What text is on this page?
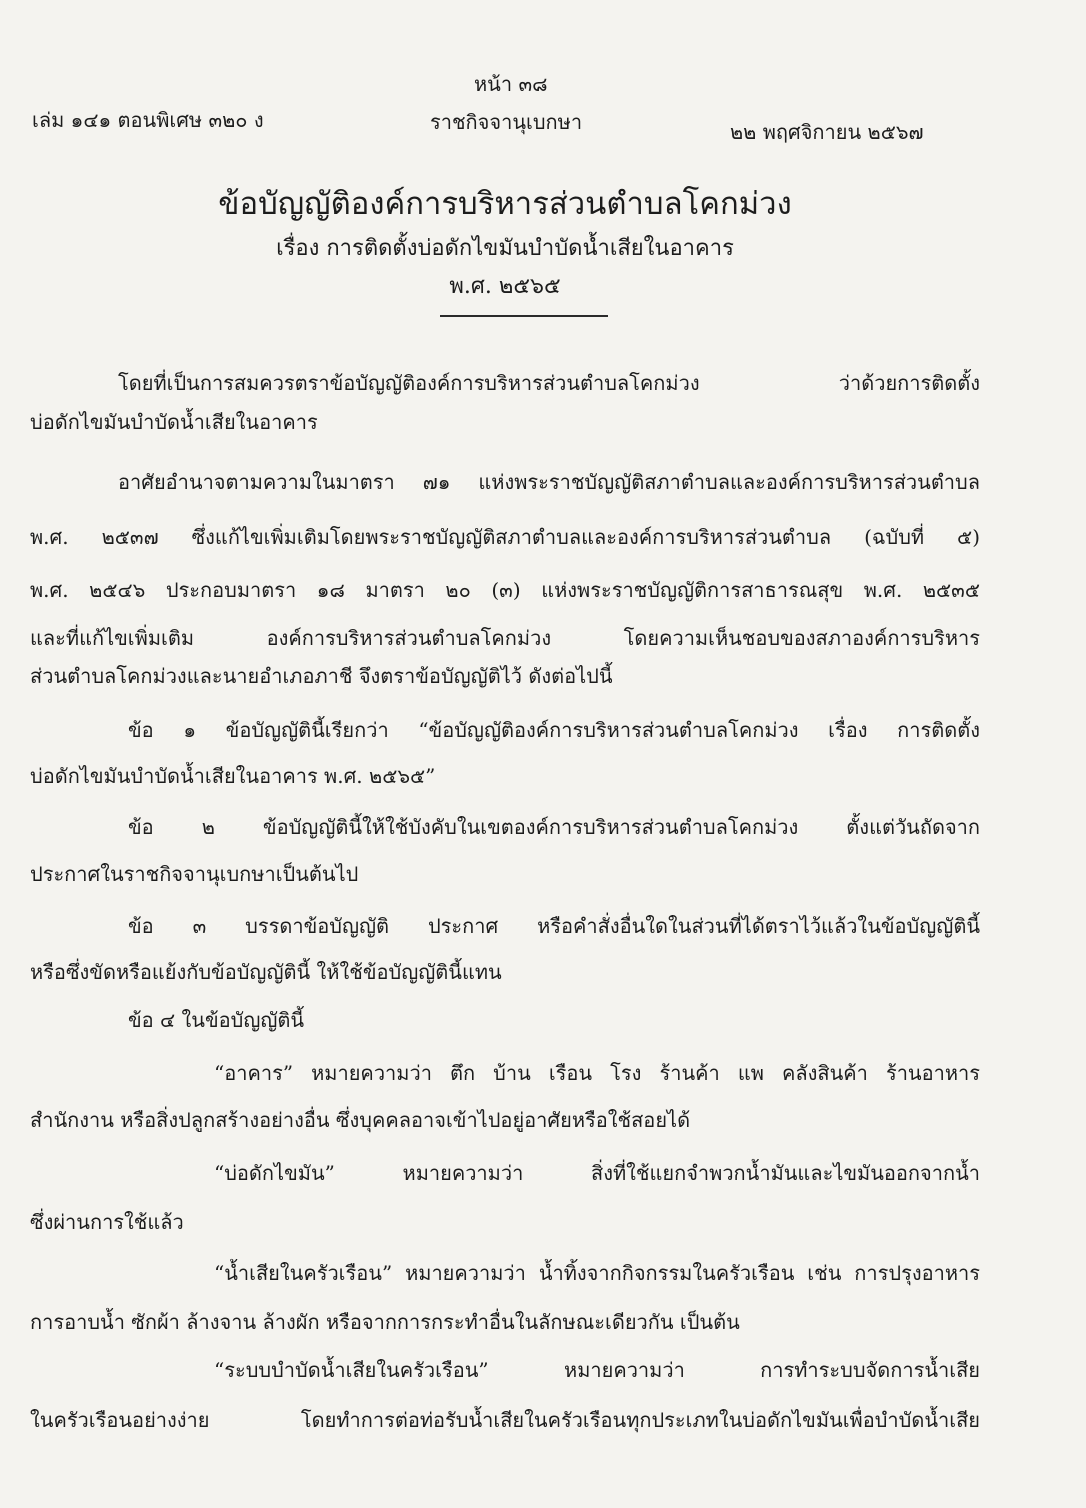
หน้า ๓๘
เล่ม ๑๔๑ ตอนพิเศษ ๓๒๐ ง	ราชกิจจานุเบกษา	๒๒ พฤศจิกายน ๒๕๖๗
ข้อบัญญัติองค์การบริหารส่วนตำบลโคกม่วง
เรื่อง การติดตั้งบ่อดักไขมันบำบัดน้ำเสียในอาคาร
พ.ศ. ๒๕๖๕
โดยที่เป็นการสมควรตราข้อบัญญัติองค์การบริหารส่วนตำบลโคกม่วง ว่าด้วยการติดตั้ง
บ่อดักไขมันบำบัดน้ำเสียในอาคาร
อาศัยอำนาจตามความในมาตรา ๗๑ แห่งพระราชบัญญัติสภาตำบลและองค์การบริหารส่วนตำบล
พ.ศ. ๒๕๓๗ ซึ่งแก้ไขเพิ่มเติมโดยพระราชบัญญัติสภาตำบลและองค์การบริหารส่วนตำบล (ฉบับที่ ๕)
พ.ศ. ๒๕๔๖ ประกอบมาตรา ๑๘ มาตรา ๒๐ (๓) แห่งพระราชบัญญัติการสาธารณสุข พ.ศ. ๒๕๓๕
และที่แก้ไขเพิ่มเติม องค์การบริหารส่วนตำบลโคกม่วง โดยความเห็นชอบของสภาองค์การบริหาร
ส่วนตำบลโคกม่วงและนายอำเภอภาชี จึงตราข้อบัญญัติไว้ ดังต่อไปนี้
ข้อ ๑ ข้อบัญญัตินี้เรียกว่า “ข้อบัญญัติองค์การบริหารส่วนตำบลโคกม่วง เรื่อง การติดตั้ง
บ่อดักไขมันบำบัดน้ำเสียในอาคาร พ.ศ. ๒๕๖๕”
ข้อ ๒ ข้อบัญญัตินี้ให้ใช้บังคับในเขตองค์การบริหารส่วนตำบลโคกม่วง ตั้งแต่วันถัดจาก
ประกาศในราชกิจจานุเบกษาเป็นต้นไป
ข้อ ๓ บรรดาข้อบัญญัติ ประกาศ หรือคำสั่งอื่นใดในส่วนที่ได้ตราไว้แล้วในข้อบัญญัตินี้
หรือซึ่งขัดหรือแย้งกับข้อบัญญัตินี้ ให้ใช้ข้อบัญญัตินี้แทน
ข้อ ๔ ในข้อบัญญัตินี้
“อาคาร” หมายความว่า ตึก บ้าน เรือน โรง ร้านค้า แพ คลังสินค้า ร้านอาหาร
สำนักงาน หรือสิ่งปลูกสร้างอย่างอื่น ซึ่งบุคคลอาจเข้าไปอยู่อาศัยหรือใช้สอยได้
“บ่อดักไขมัน” หมายความว่า สิ่งที่ใช้แยกจำพวกน้ำมันและไขมันออกจากน้ำ
ซึ่งผ่านการใช้แล้ว
“น้ำเสียในครัวเรือน” หมายความว่า น้ำทิ้งจากกิจกรรมในครัวเรือน เช่น การปรุงอาหาร
การอาบน้ำ ซักผ้า ล้างจาน ล้างผัก หรือจากการกระทำอื่นในลักษณะเดียวกัน เป็นต้น
“ระบบบำบัดน้ำเสียในครัวเรือน” หมายความว่า การทำระบบจัดการน้ำเสีย
ในครัวเรือนอย่างง่าย โดยทำการต่อท่อรับน้ำเสียในครัวเรือนทุกประเภทในบ่อดักไขมันเพื่อบำบัดน้ำเสีย
